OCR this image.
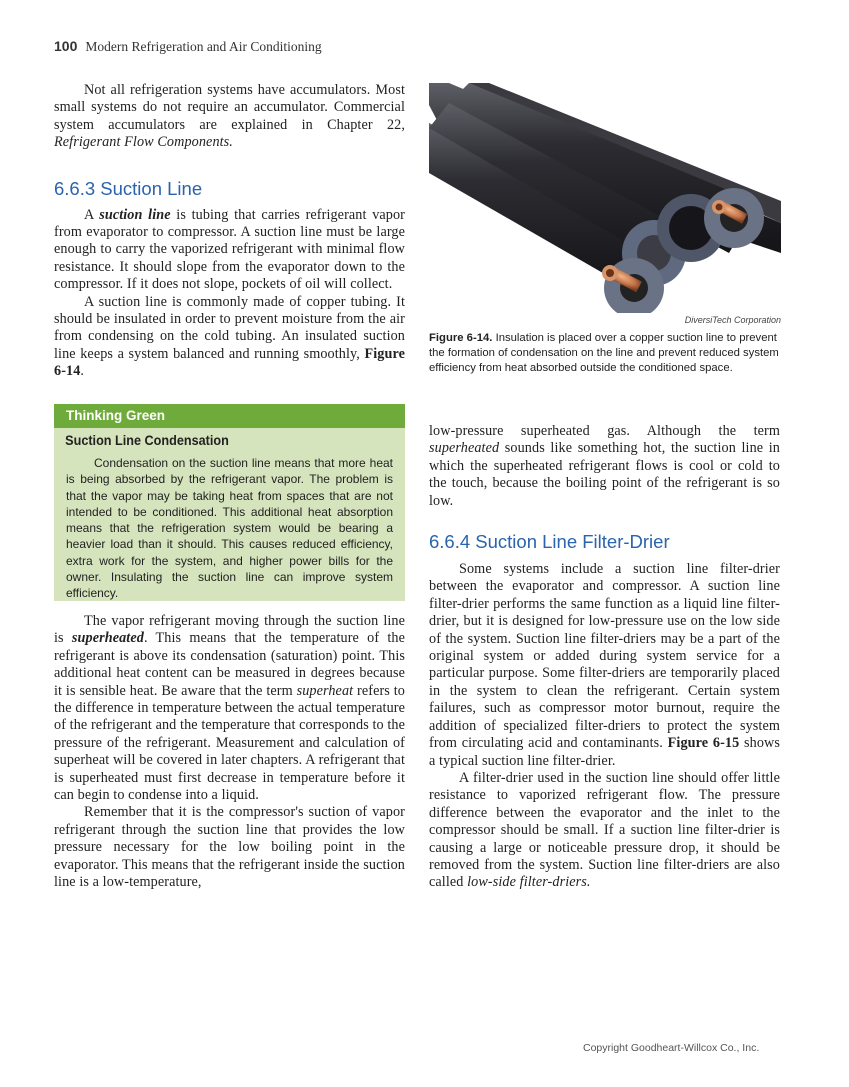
100 Modern Refrigeration and Air Conditioning

Not all refrigeration systems have accumulators. Most small systems do not require an accumulator. Commercial system accumulators are explained in Chapter 22, Refrigerant Flow Components.

6.6.3 Suction Line

A suction line is tubing that carries refrigerant vapor from evaporator to compressor. A suction line must be large enough to carry the vaporized refrigerant with minimal flow resistance. It should slope from the evaporator down to the compressor. If it does not slope, pockets of oil will collect.

A suction line is commonly made of copper tubing. It should be insulated in order to prevent moisture from the air from condensing on the cold tubing. An insulated suction line keeps a system balanced and running smoothly, Figure 6-14.

Thinking Green
Suction Line Condensation

Condensation on the suction line means that more heat is being absorbed by the refrigerant vapor. The problem is that the vapor may be taking heat from spaces that are not intended to be conditioned. This additional heat absorption means that the refrigeration system would be bearing a heavier load than it should. This causes reduced efficiency, extra work for the system, and higher power bills for the owner. Insulating the suction line can improve system efficiency.

The vapor refrigerant moving through the suction line is superheated. This means that the temperature of the refrigerant is above its condensation (saturation) point. This additional heat content can be measured in degrees because it is sensible heat. Be aware that the term superheat refers to the difference in temperature between the actual temperature of the refrigerant and the temperature that corresponds to the pressure of the refrigerant. Measurement and calculation of superheat will be covered in later chapters. A refrigerant that is superheated must first decrease in temperature before it can begin to condense into a liquid.

Remember that it is the compressor's suction of vapor refrigerant through the suction line that provides the low pressure necessary for the low boiling point in the evaporator. This means that the refrigerant inside the suction line is a low-temperature,

DiversiTech Corporation
Figure 6-14. Insulation is placed over a copper suction line to prevent the formation of condensation on the line and prevent reduced system efficiency from heat absorbed outside the conditioned space.

low-pressure superheated gas. Although the term superheated sounds like something hot, the suction line in which the superheated refrigerant flows is cool or cold to the touch, because the boiling point of the refrigerant is so low.

6.6.4 Suction Line Filter-Drier

Some systems include a suction line filter-drier between the evaporator and compressor. A suction line filter-drier performs the same function as a liquid line filter-drier, but it is designed for low-pressure use on the low side of the system. Suction line filter-driers may be a part of the original system or added during system service for a particular purpose. Some filter-driers are temporarily placed in the system to clean the refrigerant. Certain system failures, such as compressor motor burnout, require the addition of specialized filter-driers to protect the system from circulating acid and contaminants. Figure 6-15 shows a typical suction line filter-drier.

A filter-drier used in the suction line should offer little resistance to vaporized refrigerant flow. The pressure difference between the evaporator and the inlet to the compressor should be small. If a suction line filter-drier is causing a large or noticeable pressure drop, it should be removed from the system. Suction line filter-driers are also called low-side filter-driers.

Copyright Goodheart-Willcox Co., Inc.
